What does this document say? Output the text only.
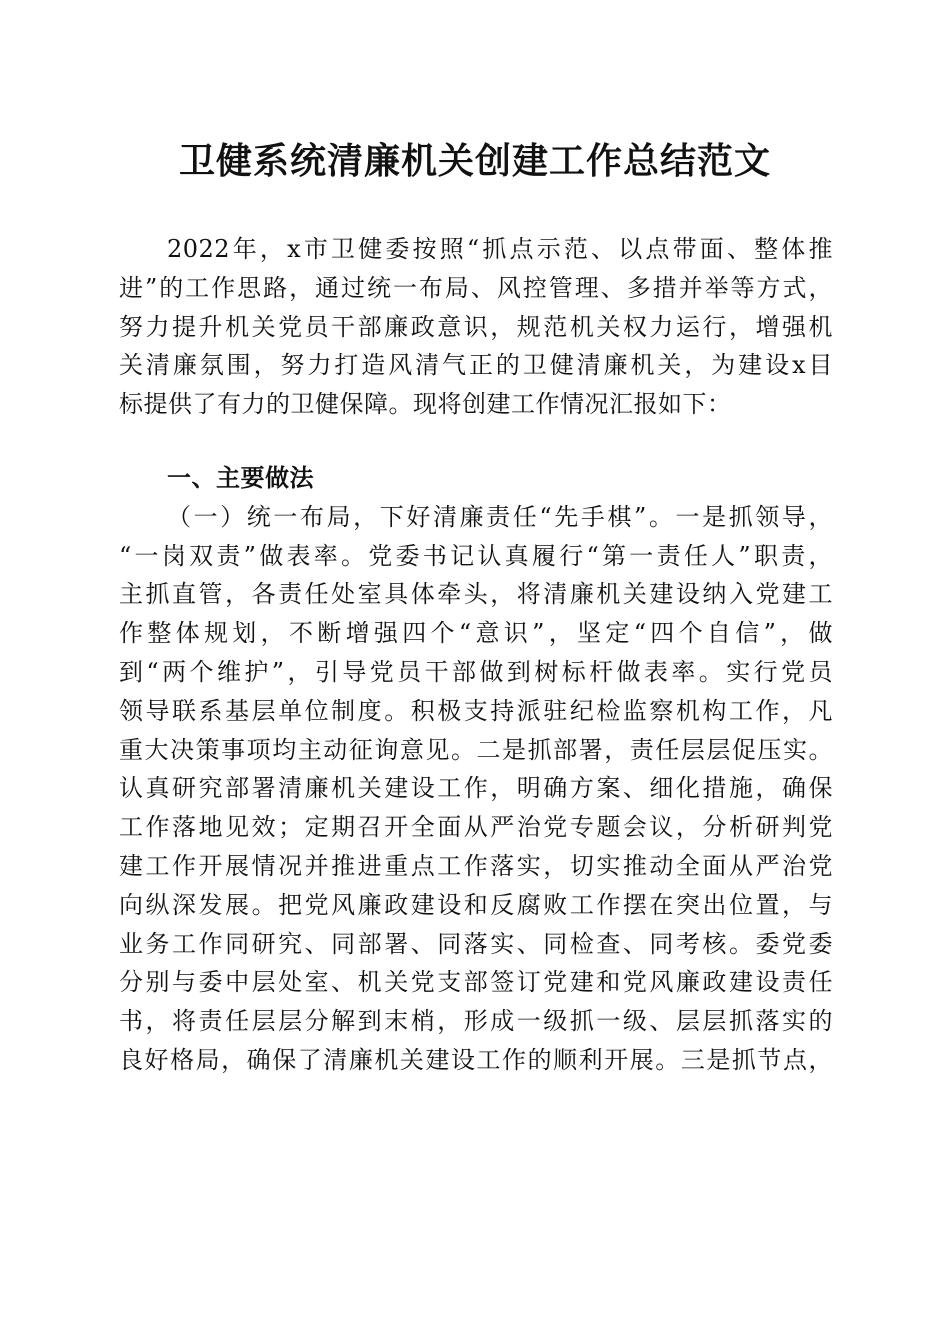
卫健系统清廉机关创建工作总结范文
2022年，x市卫健委按照“抓点示范、以点带面、整体推
进”的工作思路，通过统一布局、风控管理、多措并举等方式，
努力提升机关党员干部廉政意识，规范机关权力运行，增强机
关清廉氛围，努力打造风清气正的卫健清廉机关，为建设x目
标提供了有力的卫健保障。现将创建工作情况汇报如下：
一、主要做法
（一）统一布局，下好清廉责任“先手棋”。一是抓领导，
“一岗双责”做表率。党委书记认真履行“第一责任人”职责，
主抓直管，各责任处室具体牵头，将清廉机关建设纳入党建工
作整体规划，不断增强四个“意识”，坚定“四个自信”，做
到“两个维护”，引导党员干部做到树标杆做表率。实行党员
领导联系基层单位制度。积极支持派驻纪检监察机构工作，凡
重大决策事项均主动征询意见。二是抓部署，责任层层促压实。
认真研究部署清廉机关建设工作，明确方案、细化措施，确保
工作落地见效；定期召开全面从严治党专题会议，分析研判党
建工作开展情况并推进重点工作落实，切实推动全面从严治党
向纵深发展。把党风廉政建设和反腐败工作摆在突出位置，与
业务工作同研究、同部署、同落实、同检查、同考核。委党委
分别与委中层处室、机关党支部签订党建和党风廉政建设责任
书，将责任层层分解到末梢，形成一级抓一级、层层抓落实的
良好格局，确保了清廉机关建设工作的顺利开展。三是抓节点，
